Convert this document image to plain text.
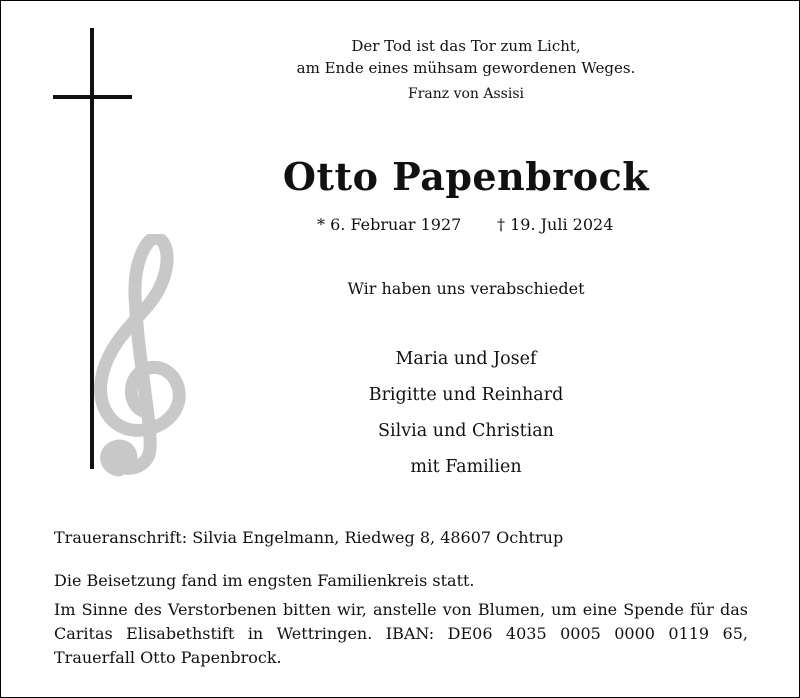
Der Tod ist das Tor zum Licht,
am Ende eines mühsam gewordenen Weges.
Franz von Assisi
Otto Papenbrock
* 6. Februar 1927 † 19. Juli 2024
Wir haben uns verabschiedet
Maria und Josef
Brigitte und Reinhard
Silvia und Christian
mit Familien
Traueranschrift: Silvia Engelmann, Riedweg 8, 48607 Ochtrup
Die Beisetzung fand im engsten Familienkreis statt.
Im Sinne des Verstorbenen bitten wir, anstelle von Blumen, um eine Spende für das Caritas Elisabethstift in Wettringen. IBAN: DE06 4035 0005 0000 0119 65, Trauerfall Otto Papenbrock.
